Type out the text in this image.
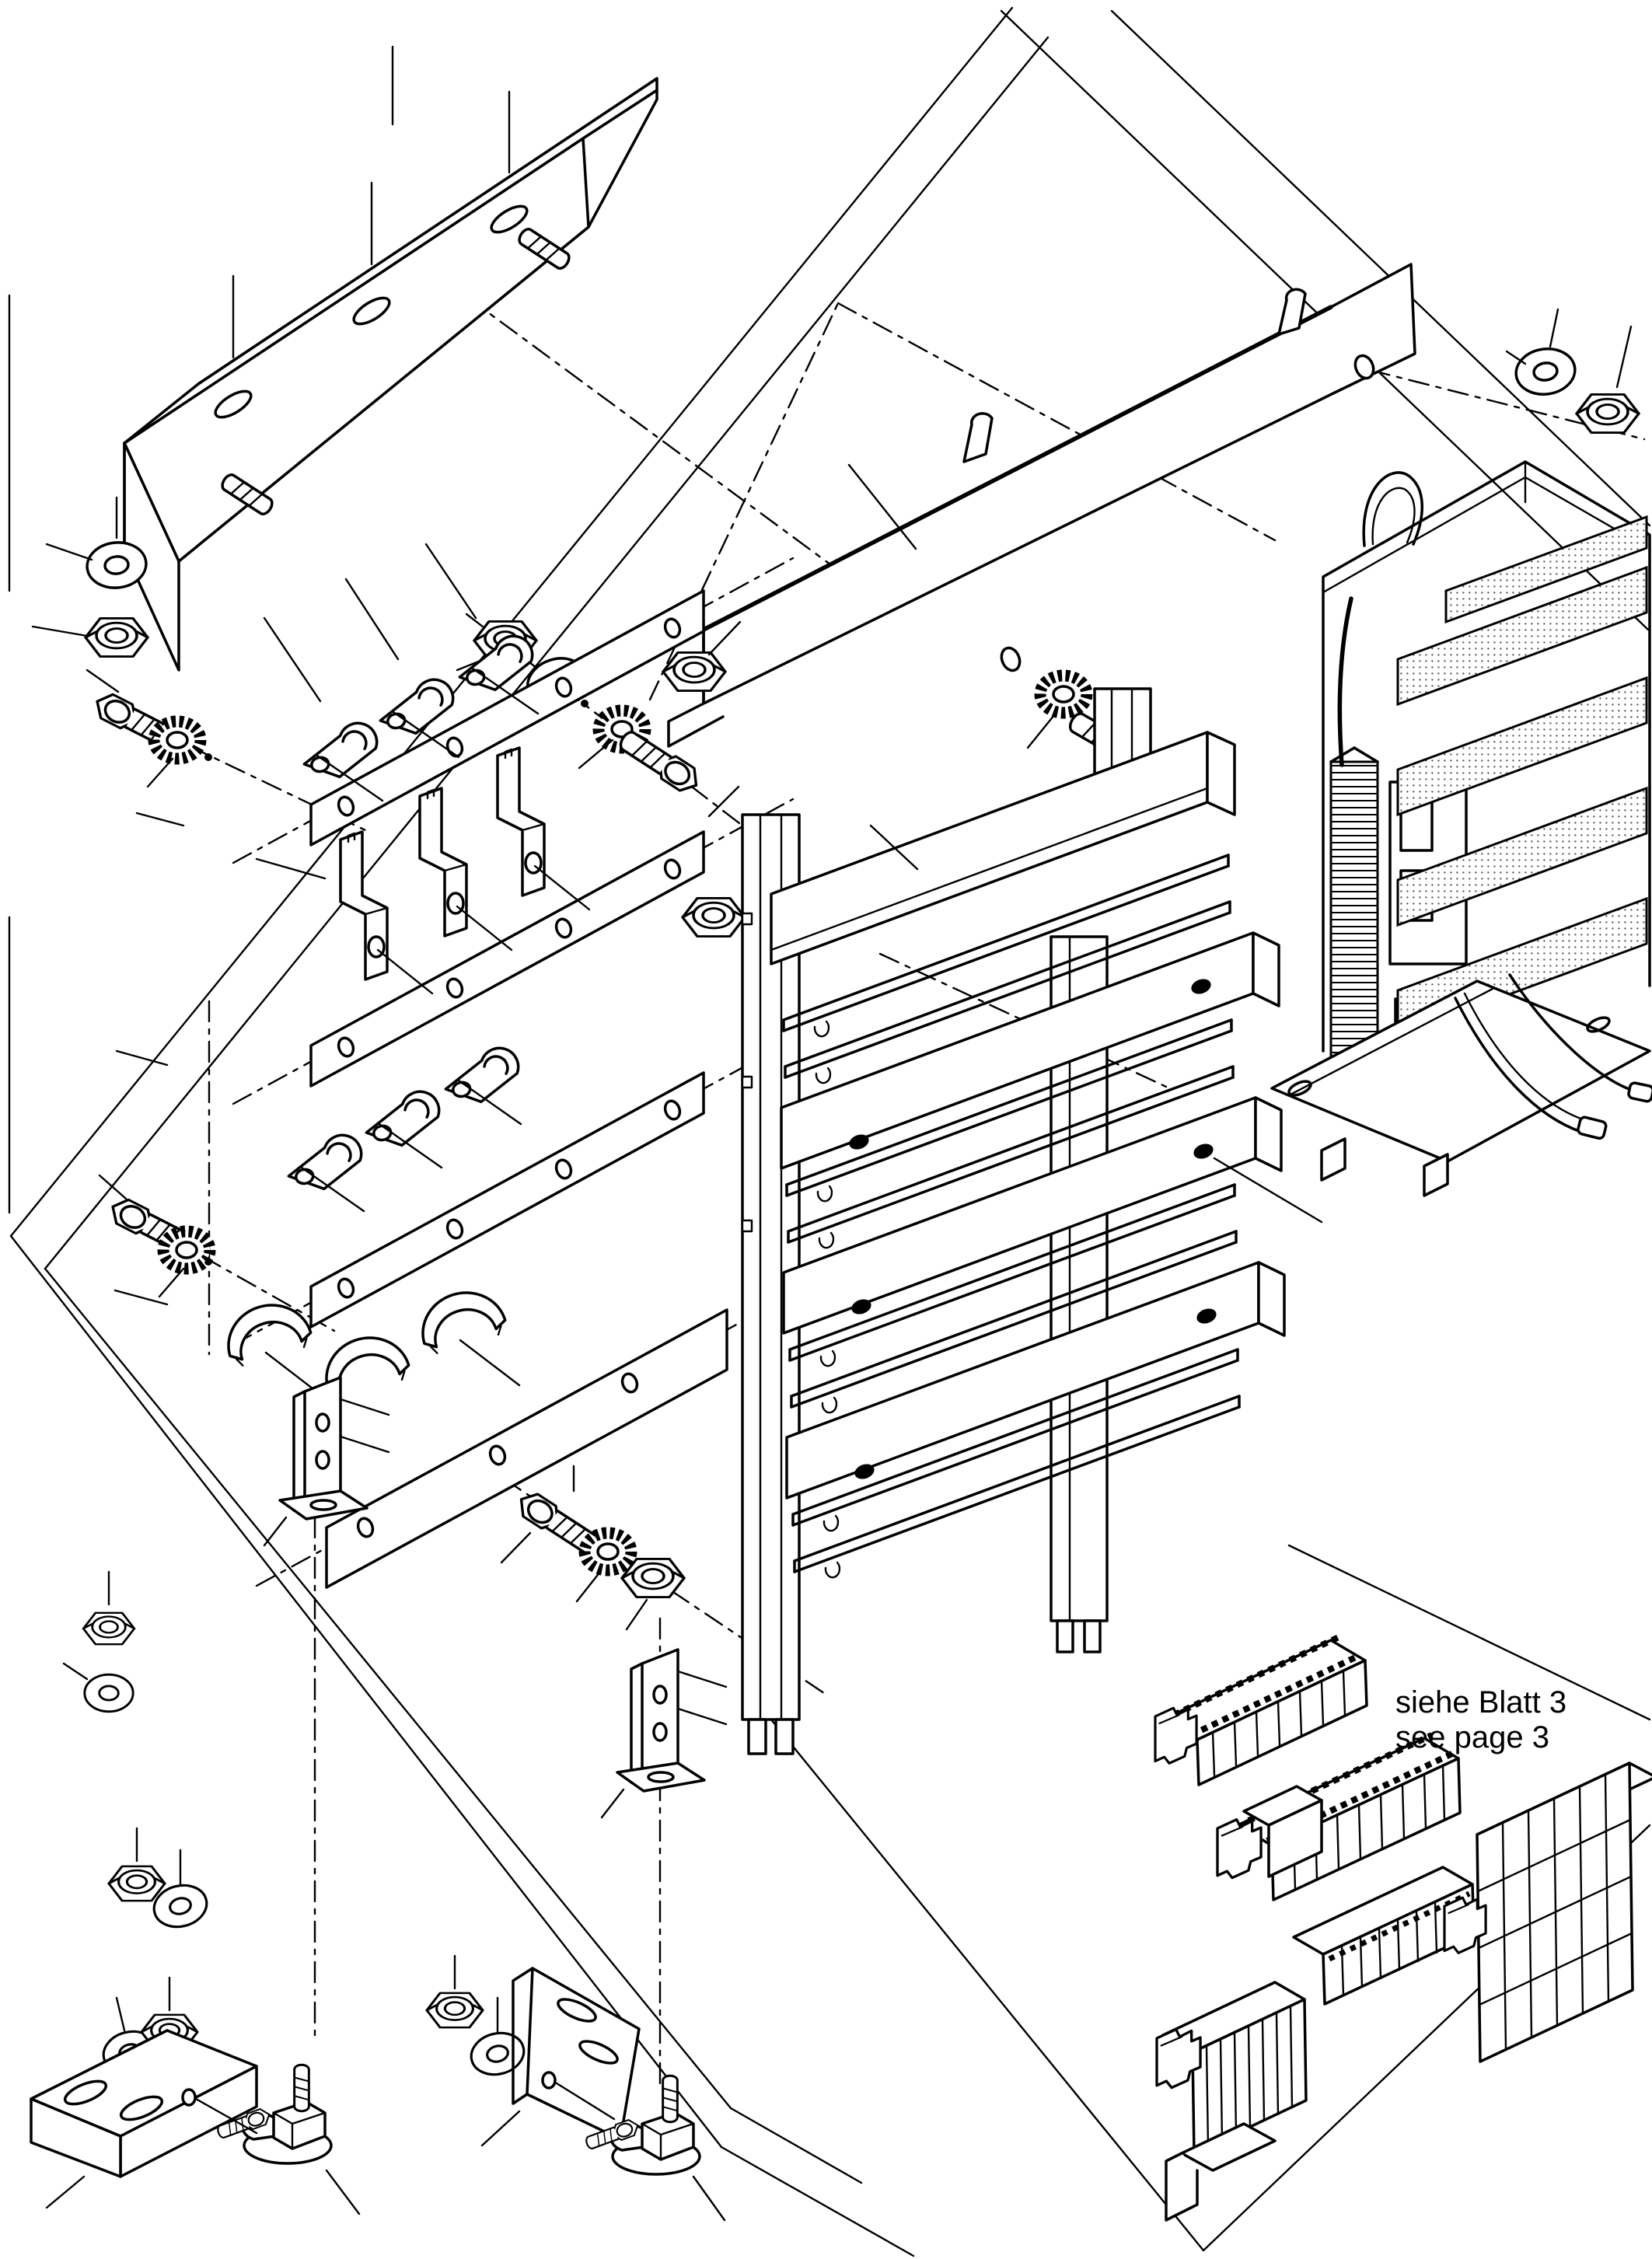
siehe Blatt 3
see page 3
